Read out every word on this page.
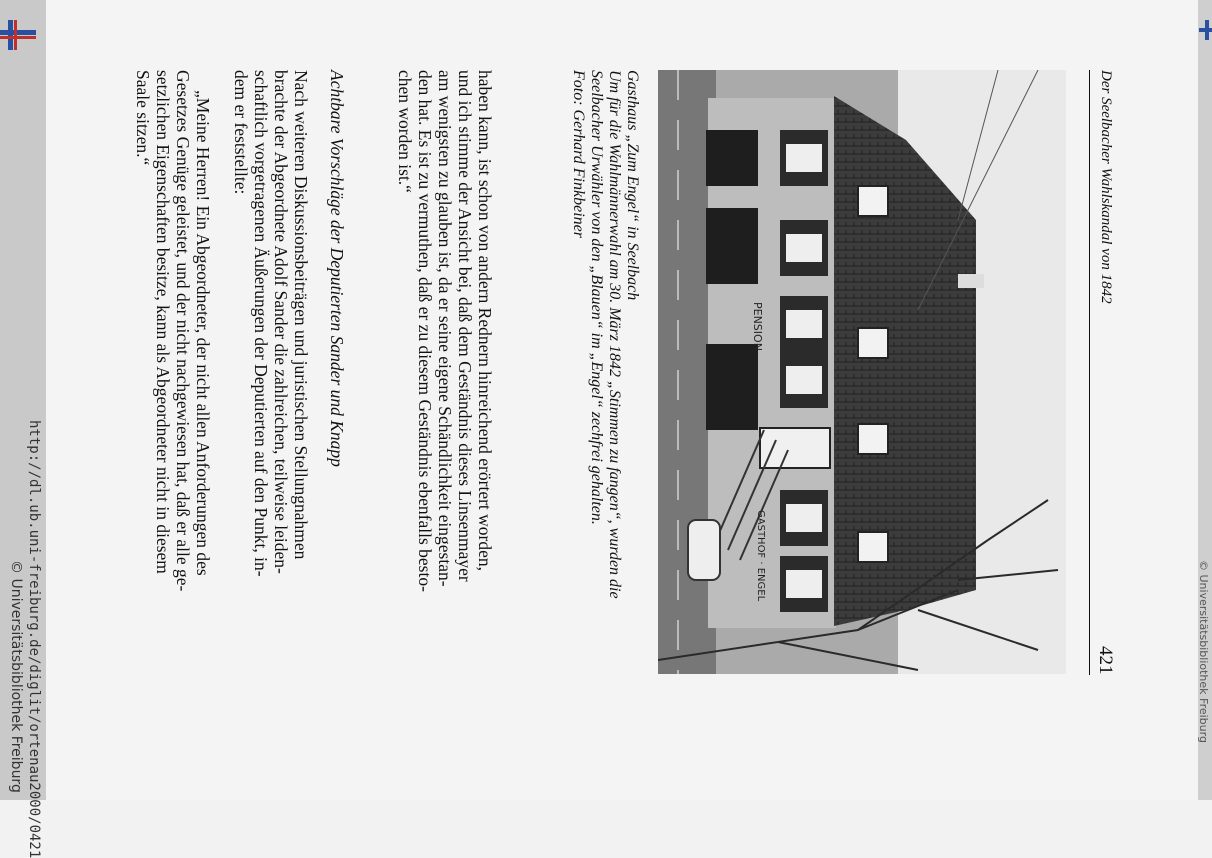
Der Seelbacher Wahlskandal von 1842
421
PENSION
GASTHOF · ENGEL
Gasthaus „Zum Engel“ in Seelbach
Um für die Wahlmännerwahl am 30. März 1842 „Stimmen zu fangen“, wurden die
Seelbacher Urwähler von den „Blauen“ im „Engel“ zechfrei gehalten.
Foto: Gerhard Finkbeiner
haben kann, ist schon von andern Rednern hinreichend erörtert worden,
und ich stimme der Ansicht bei, daß dem Geständnis dieses Linsenmayer
am wenigsten zu glauben ist, da er seine eigene Schändlichkeit eingestan-
den hat. Es ist zu vermuthen, daß er zu diesem Geständnis ebenfalls besto-
chen worden ist.“
Achtbare Vorschläge der Deputierten Sander und Knapp
Nach weiteren Diskussionsbeiträgen und juristischen Stellungnahmen
brachte der Abgeordnete Adolf Sander die zahlreichen, teilweise leiden-
schaftlich vorgetragenen Äußerungen der Deputierten auf den Punkt, in-
dem er feststellte:
„Meine Herren! Ein Abgeordneter, der nicht allen Anforderungen des
Gesetzes Genüge geleistet, und der nicht nachgewiesen hat, daß er alle ge-
setzlichen Eigenschaften besitze, kann als Abgeordneter nicht in diesem
Saale sitzen.“
http://dl.ub.uni-freiburg.de/diglit/ortenau2000/0421
© Universitätsbibliothek Freiburg	© Universitätsbibliothek Freiburg
